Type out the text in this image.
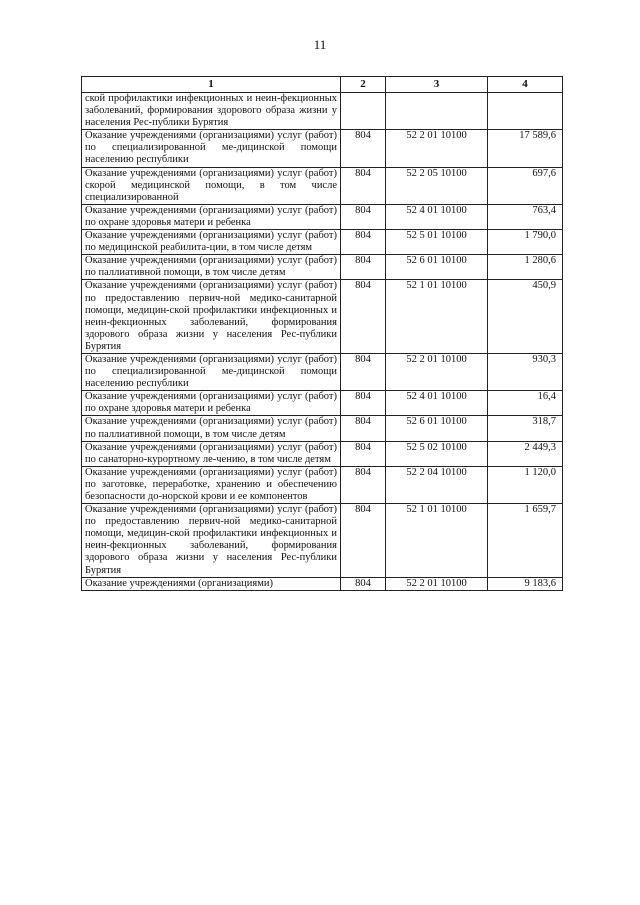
11
1	2	3	4
ской профилактики инфекционных и неин-фекционных заболеваний, формирования здорового образа жизни у населения Рес-публики Бурятия			
Оказание учреждениями (организациями) услуг (работ) по специализированной ме-дицинской помощи населению республики	804	52 2 01 10100	17 589,6
Оказание учреждениями (организациями) услуг (работ) скорой медицинской помощи, в том числе специализированной	804	52 2 05 10100	697,6
Оказание учреждениями (организациями) услуг (работ) по охране здоровья матери и ребенка	804	52 4 01 10100	763,4
Оказание учреждениями (организациями) услуг (работ) по медицинской реабилита-ции, в том числе детям	804	52 5 01 10100	1 790,0
Оказание учреждениями (организациями) услуг (работ) по паллиативной помощи, в том числе детям	804	52 6 01 10100	1 280,6
Оказание учреждениями (организациями) услуг (работ) по предоставлению первич-ной медико-санитарной помощи, медицин-ской профилактики инфекционных и неин-фекционных заболеваний, формирования здорового образа жизни у населения Рес-публики Бурятия	804	52 1 01 10100	450,9
Оказание учреждениями (организациями) услуг (работ) по специализированной ме-дицинской помощи населению республики	804	52 2 01 10100	930,3
Оказание учреждениями (организациями) услуг (работ) по охране здоровья матери и ребенка	804	52 4 01 10100	16,4
Оказание учреждениями (организациями) услуг (работ) по паллиативной помощи, в том числе детям	804	52 6 01 10100	318,7
Оказание учреждениями (организациями) услуг (работ) по санаторно-курортному ле-чению, в том числе детям	804	52 5 02 10100	2 449,3
Оказание учреждениями (организациями) услуг (работ) по заготовке, переработке, хранению и обеспечению безопасности до-норской крови и ее компонентов	804	52 2 04 10100	1 120,0
Оказание учреждениями (организациями) услуг (работ) по предоставлению первич-ной медико-санитарной помощи, медицин-ской профилактики инфекционных и неин-фекционных заболеваний, формирования здорового образа жизни у населения Рес-публики Бурятия	804	52 1 01 10100	1 659,7
Оказание учреждениями (организациями)	804	52 2 01 10100	9 183,6
